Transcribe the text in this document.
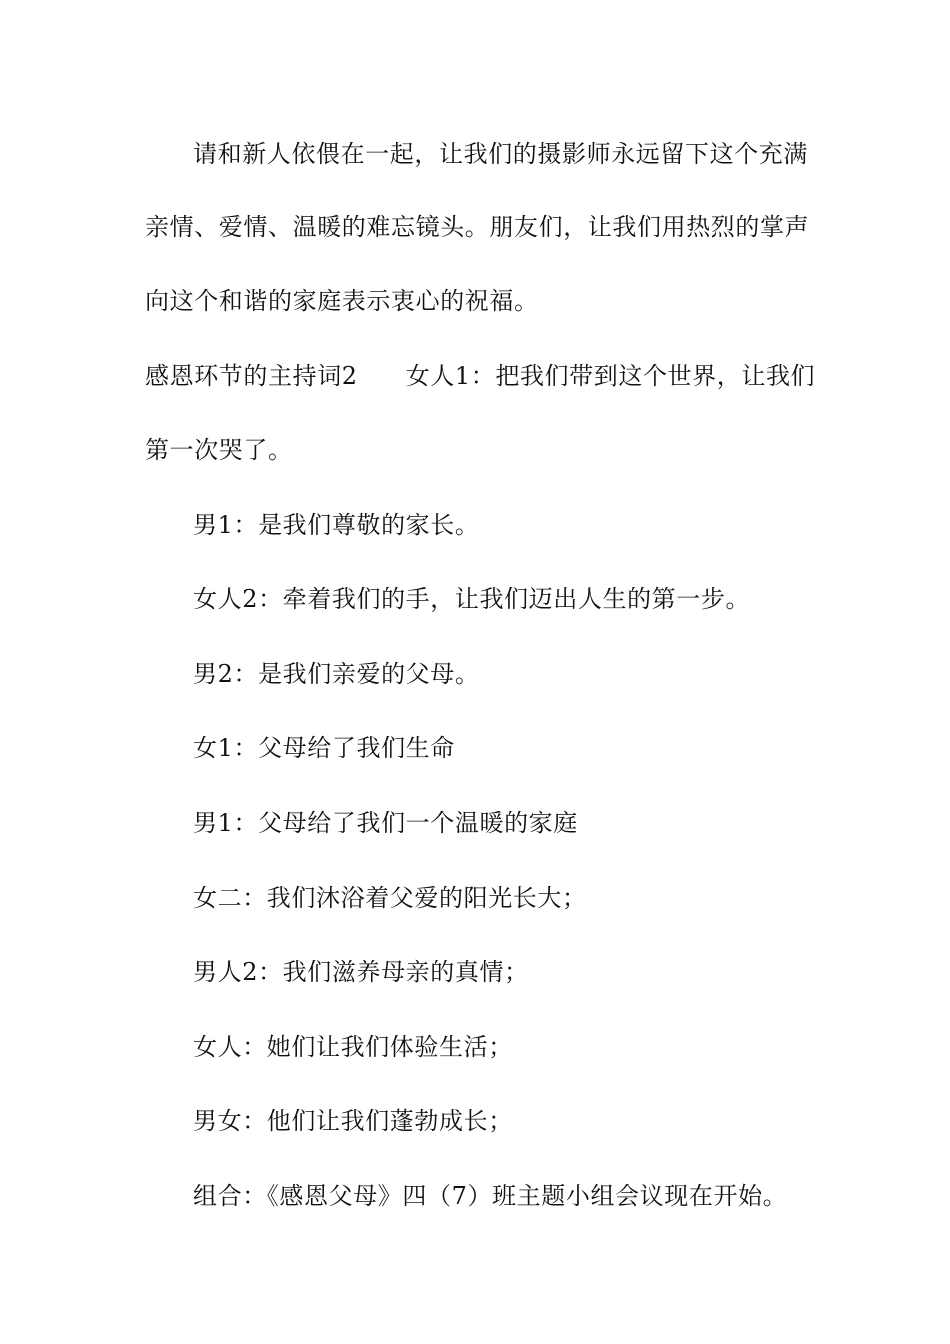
请和新人依偎在一起，让我们的摄影师永远留下这个充满
亲情、爱情、温暖的难忘镜头。朋友们，让我们用热烈的掌声
向这个和谐的家庭表示衷心的祝福。
感恩环节的主持词2 女人1：把我们带到这个世界，让我们
第一次哭了。
男1：是我们尊敬的家长。
女人2：牵着我们的手，让我们迈出人生的第一步。
男2：是我们亲爱的父母。
女1：父母给了我们生命
男1：父母给了我们一个温暖的家庭
女二：我们沐浴着父爱的阳光长大；
男人2：我们滋养母亲的真情；
女人：她们让我们体验生活；
男女：他们让我们蓬勃成长；
组合：《感恩父母》四（7）班主题小组会议现在开始。
